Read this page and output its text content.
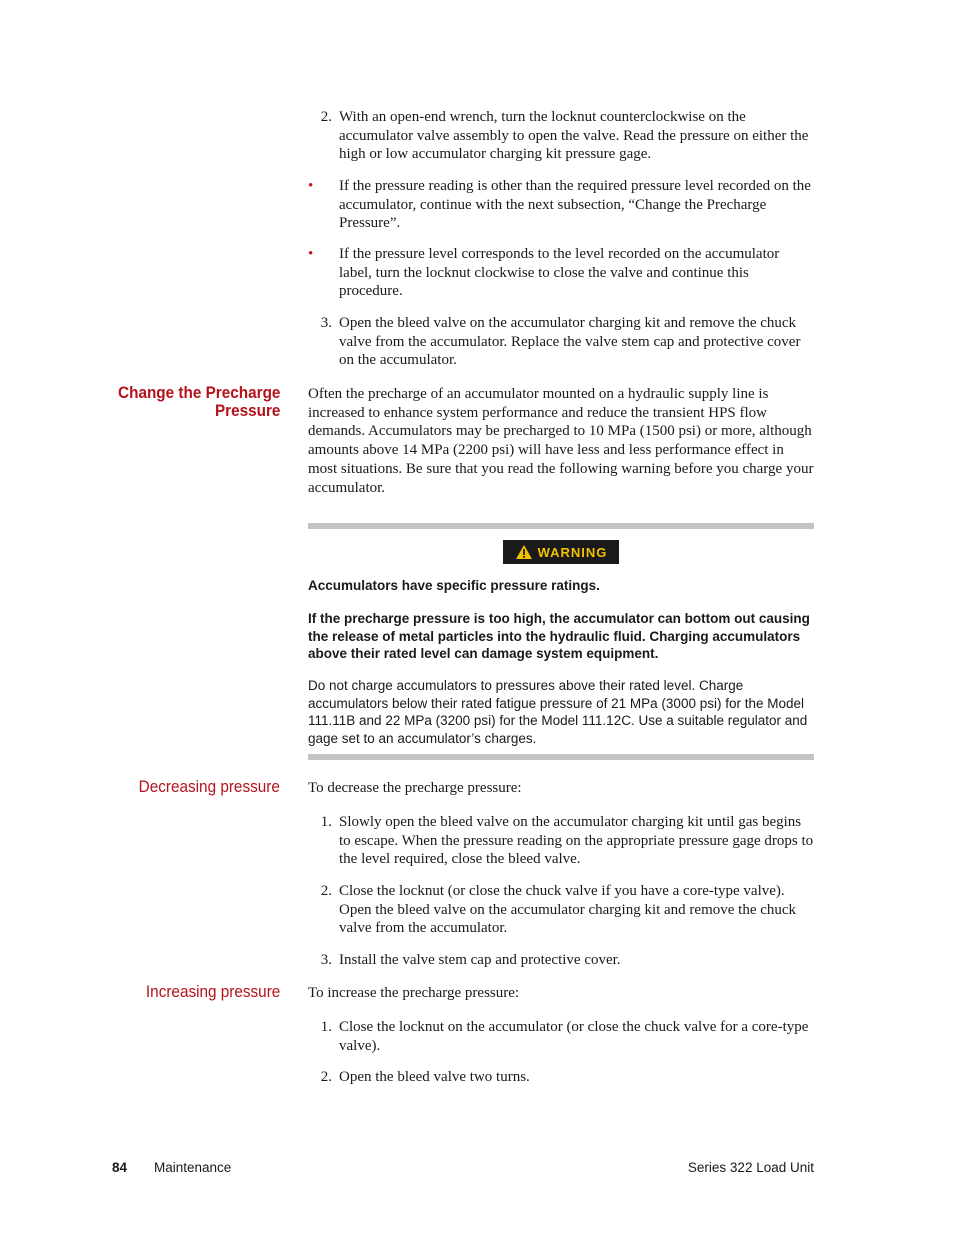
2. With an open-end wrench, turn the locknut counterclockwise on the accumulator valve assembly to open the valve. Read the pressure on either the high or low accumulator charging kit pressure gage.
•	If the pressure reading is other than the required pressure level recorded on the accumulator, continue with the next subsection, “Change the Precharge Pressure”.
•	If the pressure level corresponds to the level recorded on the accumulator label, turn the locknut clockwise to close the valve and continue this procedure.
3. Open the bleed valve on the accumulator charging kit and remove the chuck valve from the accumulator. Replace the valve stem cap and protective cover on the accumulator.
Change the Precharge
Pressure
Often the precharge of an accumulator mounted on a hydraulic supply line is increased to enhance system performance and reduce the transient HPS flow demands. Accumulators may be precharged to 10 MPa (1500 psi) or more, although amounts above 14 MPa (2200 psi) will have less and less performance effect in most situations. Be sure that you read the following warning before you charge your accumulator.
WARNING
Accumulators have specific pressure ratings.
If the precharge pressure is too high, the accumulator can bottom out causing the release of metal particles into the hydraulic fluid. Charging accumulators above their rated level can damage system equipment.
Do not charge accumulators to pressures above their rated level. Charge accumulators below their rated fatigue pressure of 21 MPa (3000 psi) for the Model 111.11B and 22 MPa (3200 psi) for the Model 111.12C. Use a suitable regulator and gage set to an accumulator’s charges.
Decreasing pressure To decrease the precharge pressure:
1. Slowly open the bleed valve on the accumulator charging kit until gas begins to escape. When the pressure reading on the appropriate pressure gage drops to the level required, close the bleed valve.
2. Close the locknut (or close the chuck valve if you have a core-type valve). Open the bleed valve on the accumulator charging kit and remove the chuck valve from the accumulator.
3. Install the valve stem cap and protective cover.
Increasing pressure To increase the precharge pressure:
1. Close the locknut on the accumulator (or close the chuck valve for a core-type valve).
2. Open the bleed valve two turns.
84 Maintenance	Series 322 Load Unit
